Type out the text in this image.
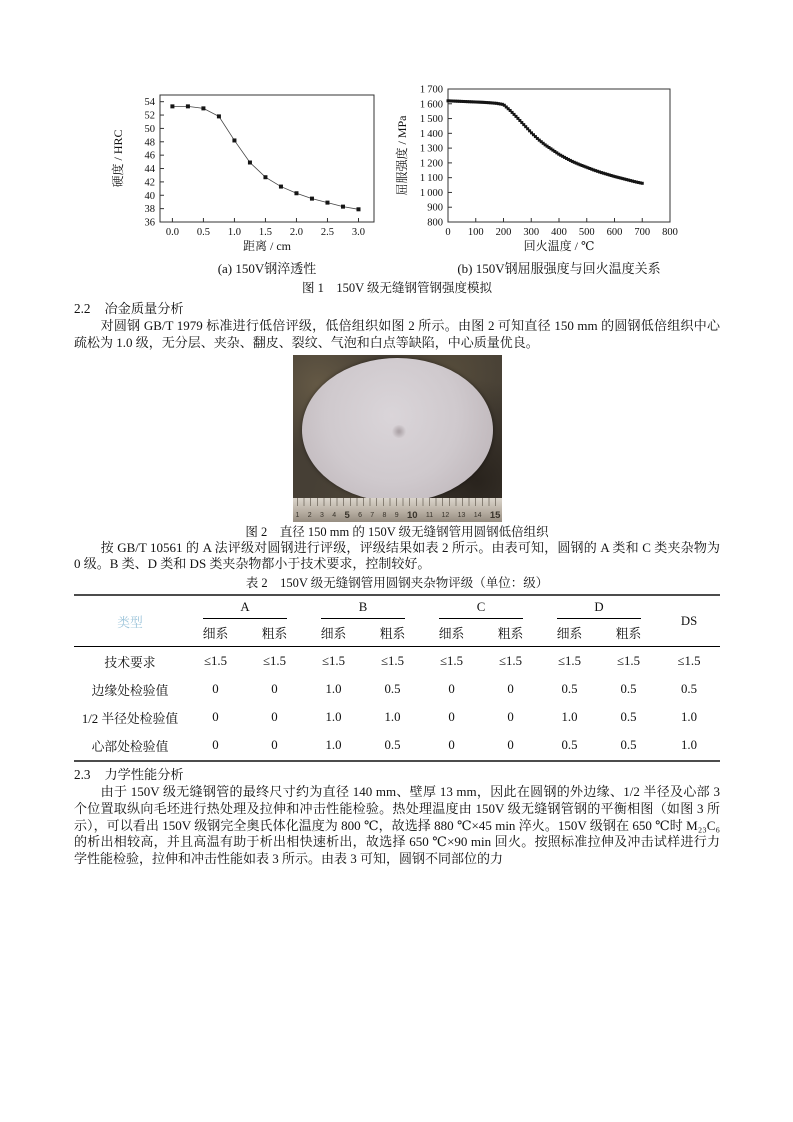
0.0 0.5 1.0 1.5 2.0 2.5 3.0
36
38
40
42
44
46
48
50
52
54
距离 / cm
硬度 / HRC
(a) 150V钢淬透性

0 100 200 300 400 500 600 700 800
800
900
1 000
1 100
1 200
1 300
1 400
1 500
1 600
1 700
回火温度 / ℃
屈服强度 / MPa
(b) 150V钢屈服强度与回火温度关系
图 1　150V 级无缝钢管钢强度模拟
2.2 冶金质量分析

对圆钢 GB/T 1979 标准进行低倍评级，低倍组织如图 2 所示。由图 2 可知直径 150 mm 的圆钢低倍组织中心疏松为 1.0 级，无分层、夹杂、翻皮、裂纹、气泡和白点等缺陷，中心质量优良。

1 2 3 4 5 6 7 8 9 10 11 12 13 14 15
图 2　直径 150 mm 的 150V 级无缝钢管用圆钢低倍组织

按 GB/T 10561 的 A 法评级对圆钢进行评级，评级结果如表 2 所示。由表可知，圆钢的 A 类和 C 类夹杂物为 0 级。B 类、D 类和 DS 类夹杂物都小于技术要求，控制较好。

表 2　150V 级无缝钢管用圆钢夹杂物评级（单位：级）
类型	A		B		C		D		DS
	细系	粗系	细系	粗系	细系	粗系	细系	粗系	
技术要求	≤1.5	≤1.5	≤1.5	≤1.5	≤1.5	≤1.5	≤1.5	≤1.5	≤1.5
边缘处检验值	0	0	1.0	0.5	0	0	0.5	0.5	0.5
1/2 半径处检验值	0	0	1.0	1.0	0	0	1.0	0.5	1.0
心部处检验值	0	0	1.0	0.5	0	0	0.5	0.5	1.0
2.3 力学性能分析

由于 150V 级无缝钢管的最终尺寸约为直径 140 mm、壁厚 13 mm，因此在圆钢的外边缘、1/2 半径及心部 3 个位置取纵向毛坯进行热处理及拉伸和冲击性能检验。热处理温度由 150V 级无缝钢管钢的平衡相图（如图 3 所示），可以看出 150V 级钢完全奥氏体化温度为 800 ℃，故选择 880 ℃×45 min 淬火。150V 级钢在 650 ℃时 M₂₃C₆ 的析出相较高，并且高温有助于析出相快速析出，故选择 650 ℃×90 min 回火。按照标准拉伸及冲击试样进行力学性能检验，拉伸和冲击性能如表 3 所示。由表 3 可知，圆钢不同部位的力
